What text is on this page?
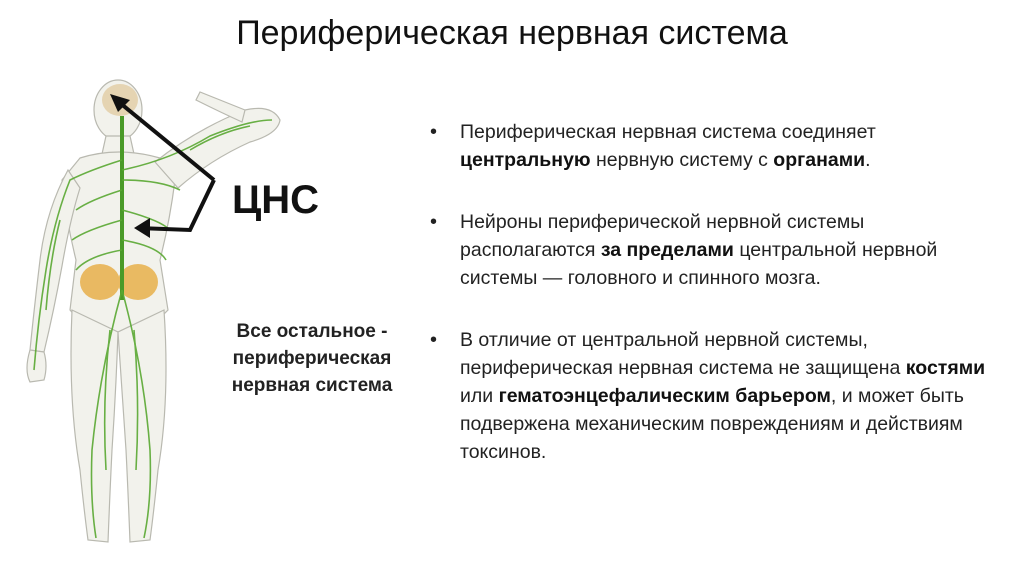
Периферическая нервная система
ЦНС
Все остальное -
периферическая
нервная система
• Периферическая нервная система соединяет центральную нервную систему с органами.
• Нейроны периферической нервной системы располагаются за пределами центральной нервной системы — головного и спинного мозга.
• В отличие от центральной нервной системы, периферическая нервная система не защищена костями или гематоэнцефалическим барьером, и может быть подвержена механическим повреждениям и действиям токсинов.
